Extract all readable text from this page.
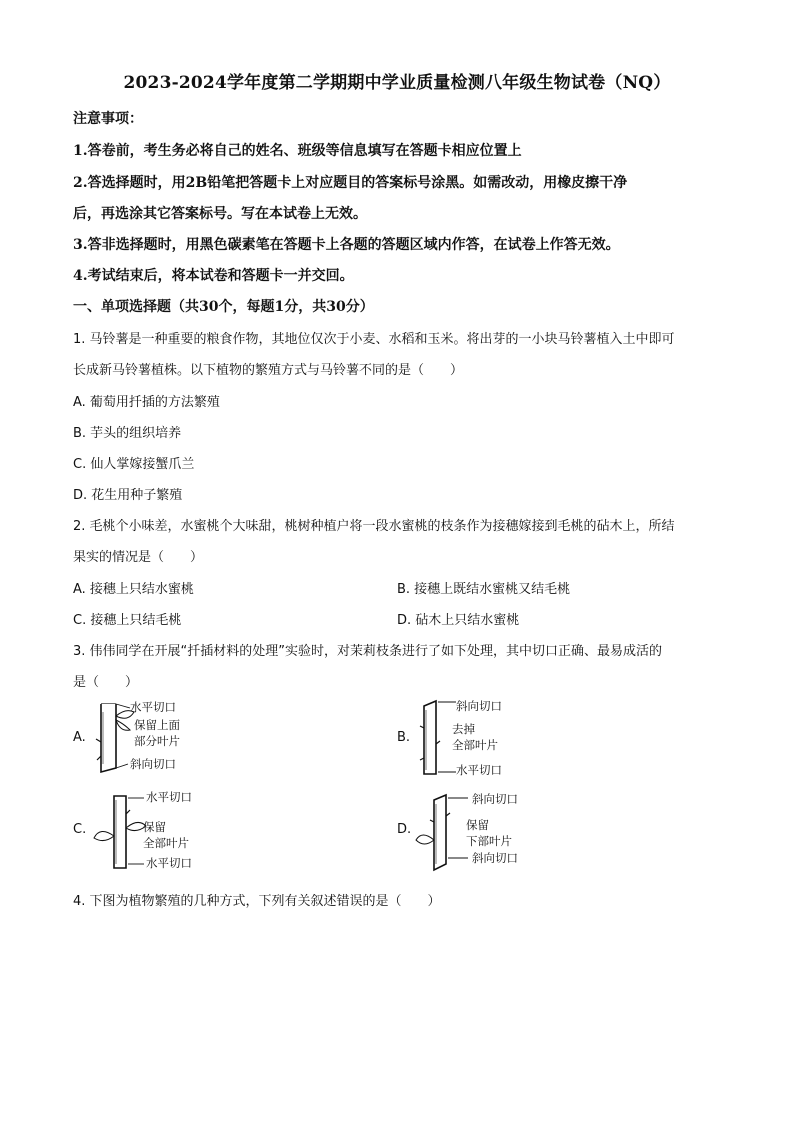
2023-2024学年度第二学期期中学业质量检测八年级生物试卷（NQ）
注意事项：
1.答卷前，考生务必将自己的姓名、班级等信息填写在答题卡相应位置上
2.答选择题时，用2B铅笔把答题卡上对应题目的答案标号涂黑。如需改动，用橡皮擦干净
后，再选涂其它答案标号。写在本试卷上无效。
3.答非选择题时，用黑色碳素笔在答题卡上各题的答题区域内作答，在试卷上作答无效。
4.考试结束后，将本试卷和答题卡一并交回。
一、单项选择题（共30个，每题1分，共30分）
1. 马铃薯是一种重要的粮食作物，其地位仅次于小麦、水稻和玉米。将出芽的一小块马铃薯植入土中即可
长成新马铃薯植株。以下植物的繁殖方式与马铃薯不同的是（　　）
A. 葡萄用扦插的方法繁殖
B. 芋头的组织培养
C. 仙人掌嫁接蟹爪兰
D. 花生用种子繁殖
2. 毛桃个小味差，水蜜桃个大味甜，桃树种植户将一段水蜜桃的枝条作为接穗嫁接到毛桃的砧木上，所结
果实的情况是（　　）
A. 接穗上只结水蜜桃	B. 接穗上既结水蜜桃又结毛桃
C. 接穗上只结毛桃	D. 砧木上只结水蜜桃
3. 伟伟同学在开展“扦插材料的处理”实验时，对茉莉枝条进行了如下处理，其中切口正确、最易成活的
是（　　）
A.
水平切口
保留上面
部分叶片
斜向切口
B.
斜向切口
去掉
全部叶片
水平切口
C.
水平切口
保留
全部叶片
水平切口
D.
斜向切口
保留
下部叶片
斜向切口
4. 下图为植物繁殖的几种方式，下列有关叙述错误的是（　　）
